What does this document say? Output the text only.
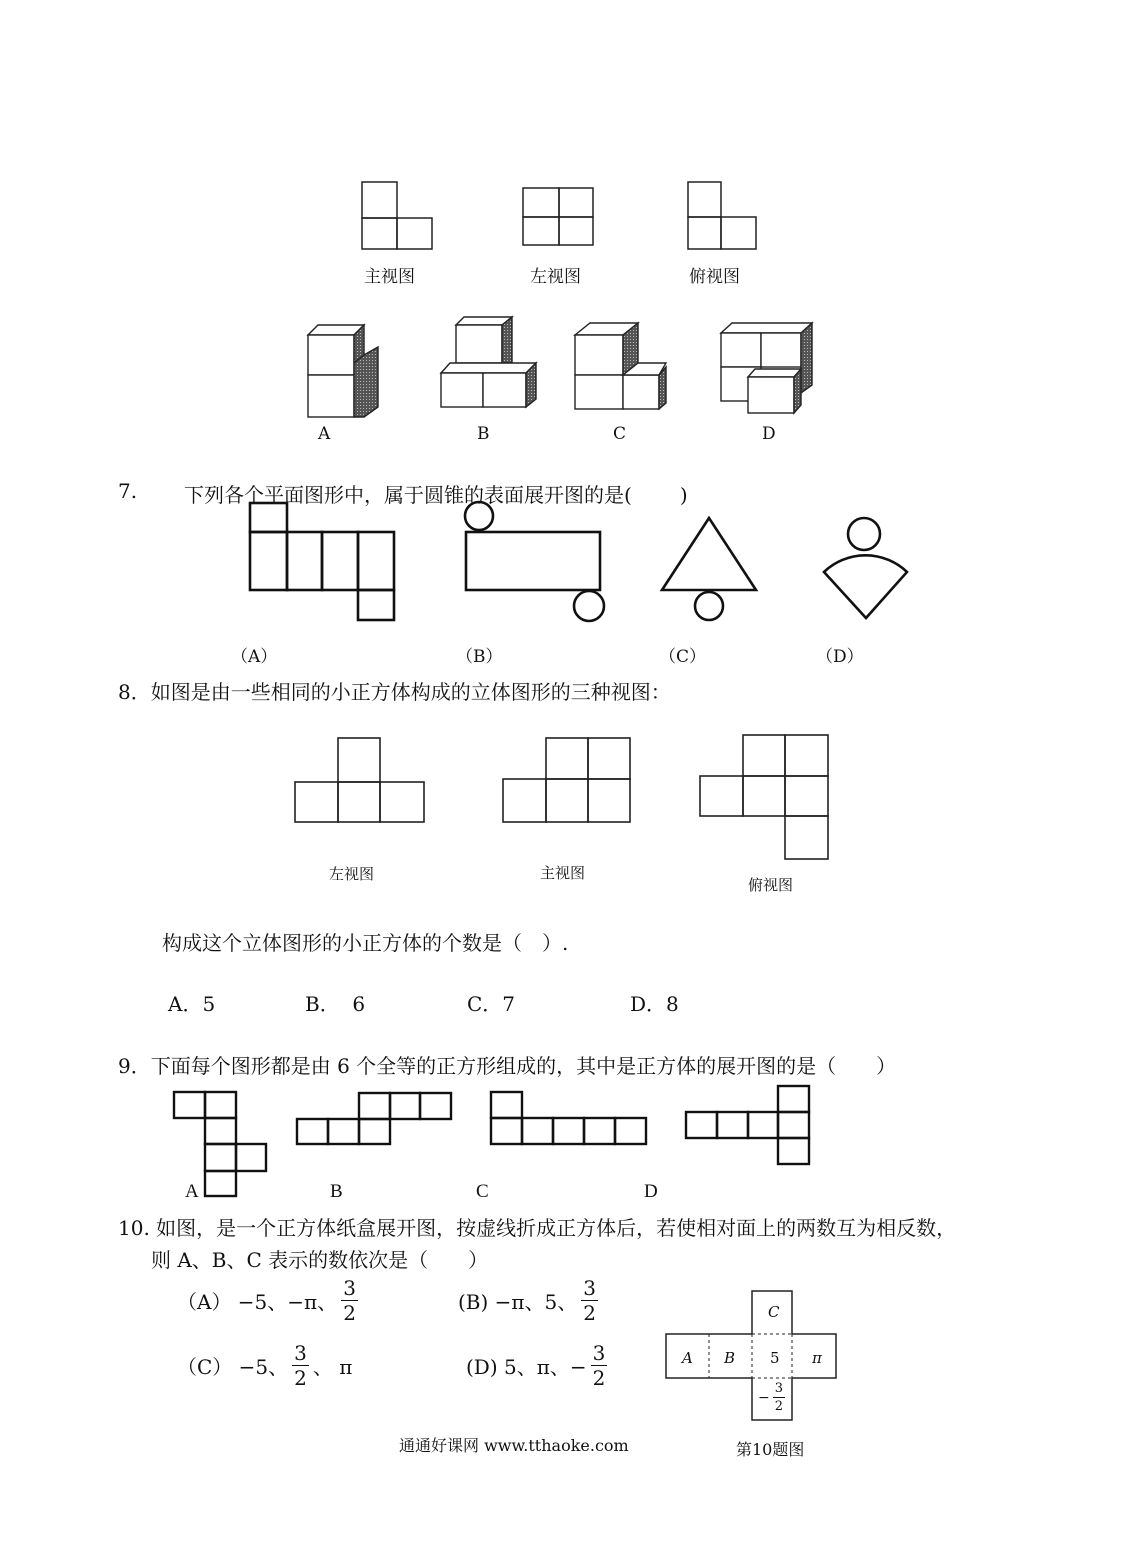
主视图	左视图	俯视图
A	B	C	D
7. 下列各个平面图形中，属于圆锥的表面展开图的是( )
（A）	（B）	（C）	（D）
8．如图是由一些相同的小正方体构成的立体图形的三种视图：
左视图	主视图
俯视图
构成这个立体图形的小正方体的个数是（　）.
A．5	B．  6	C．7	D．8
9．下面每个图形都是由 6 个全等的正方形组成的，其中是正方体的展开图的是（　　）
A	B	C	D
10. 如图，是一个正方体纸盒展开图，按虚线折成正方体后，若使相对面上的两数互为相反数，
则 A、B、C 表示的数依次是（　　）
（A） −5、−π、 $\frac{3}{2}$	(B) −π、5、 $\frac{3}{2}$
（C） −5、 $\frac{3}{2}$ 、 π	(D) 5、π、− $\frac{3}{2}$
C
A B 5 π
− $\frac{3}{2}$
通通好课网 www.tthaoke.com	第10题图
